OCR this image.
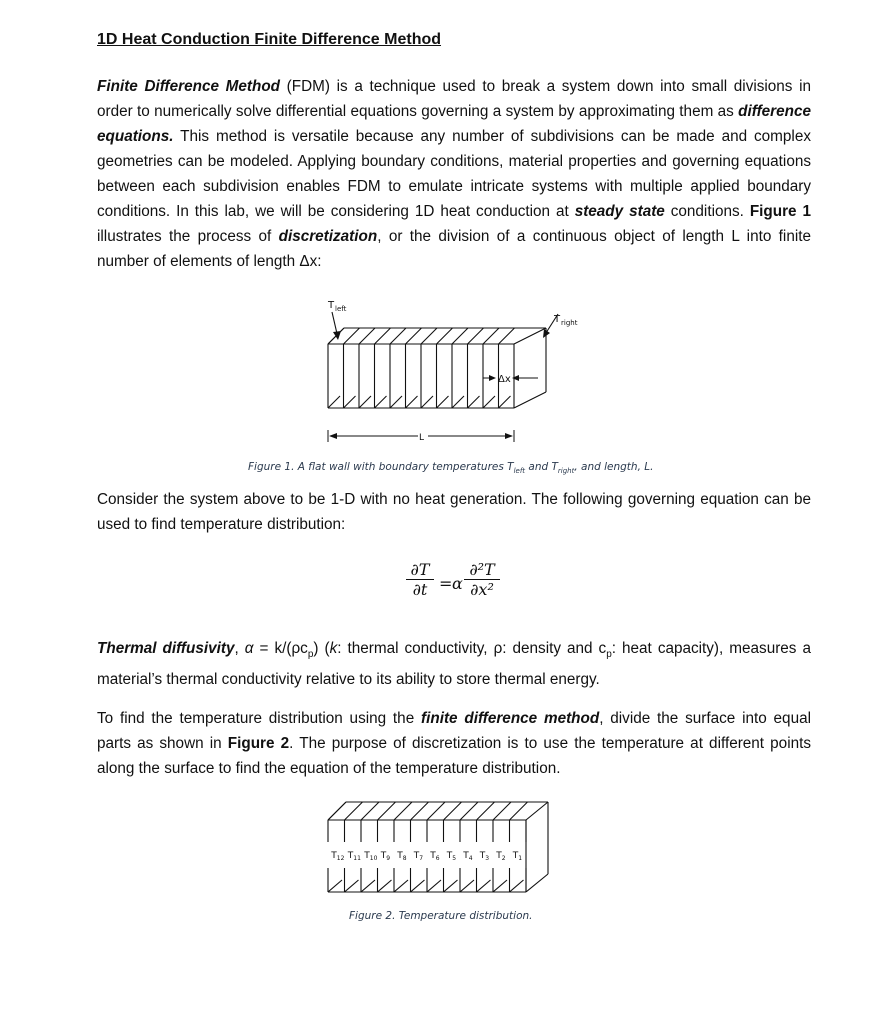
1D Heat Conduction Finite Difference Method

Finite Difference Method (FDM) is a technique used to break a system down into small divisions in order to numerically solve differential equations governing a system by approximating them as difference equations. This method is versatile because any number of subdivisions can be made and complex geometries can be modeled. Applying boundary conditions, material properties and governing equations between each subdivision enables FDM to emulate intricate systems with multiple applied boundary conditions. In this lab, we will be considering 1D heat conduction at steady state conditions. Figure 1 illustrates the process of discretization, or the division of a continuous object of length L into finite number of elements of length Δx:

T left
T right
Δx
L

Figure 1. A flat wall with boundary temperatures $T_{left}$ and $T_{right}$, and length, L.

Consider the system above to be 1-D with no heat generation. The following governing equation can be used to find temperature distribution:

∂T
∂t = α
∂²T
∂x²

Thermal diffusivity, $\alpha = k/(\rho c_p)$ (k: thermal conductivity, ρ: density and $c_p$: heat capacity), measures a material’s thermal conductivity relative to its ability to store thermal energy.

To find the temperature distribution using the finite difference method, divide the surface into equal parts as shown in Figure 2. The purpose of discretization is to use the temperature at different points along the surface to find the equation of the temperature distribution.

$T_{12}$ $T_{11}$ $T_{10}$ $T_9$ $T_8$ $T_7$ $T_6$ $T_5$ $T_4$ $T_3$ $T_2$ $T_1$

Figure 2. Temperature distribution.
